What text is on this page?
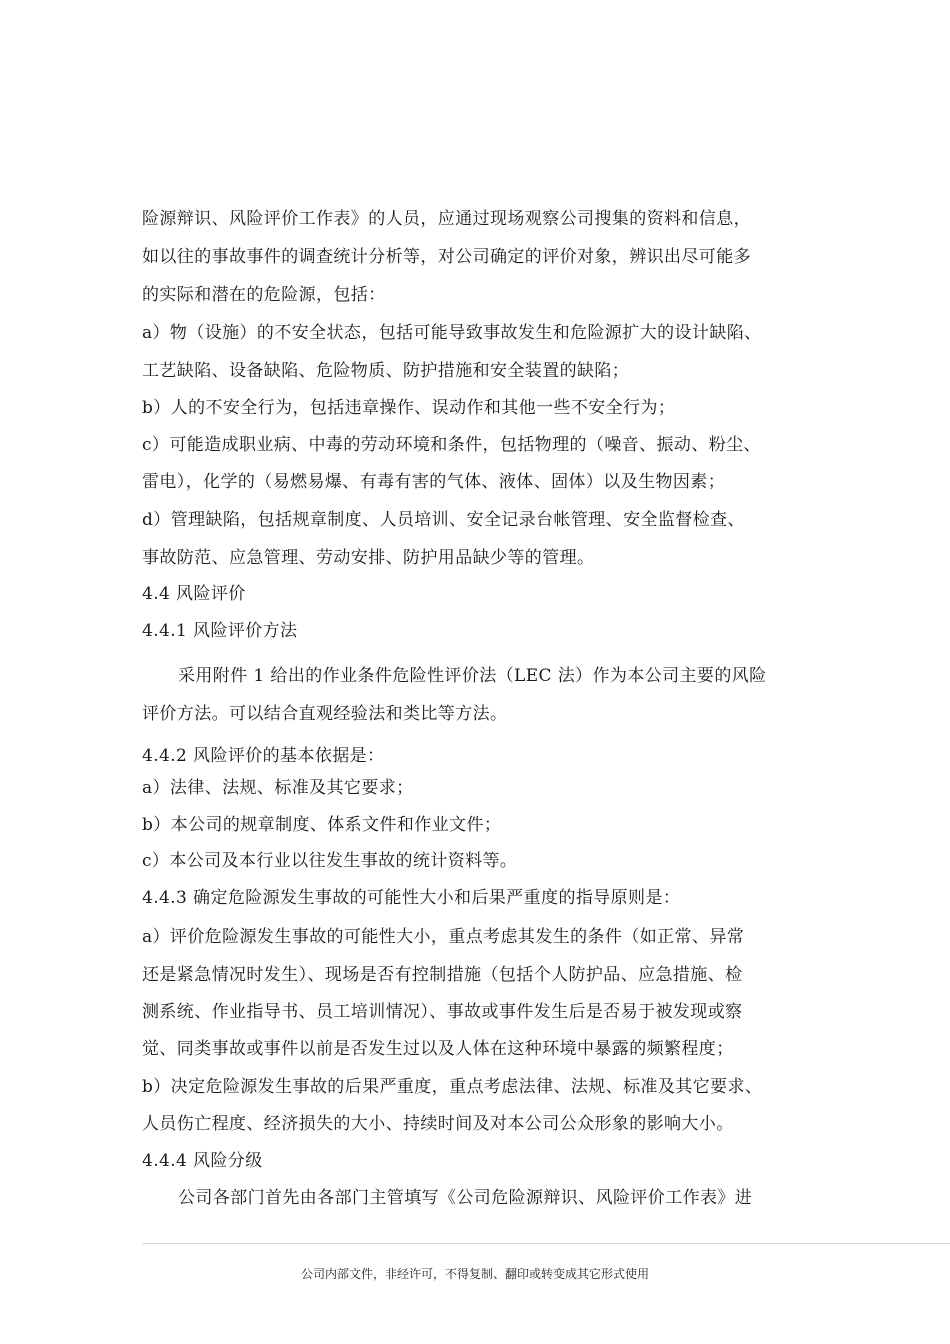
险源辩识、风险评价工作表》的人员，应通过现场观察公司搜集的资料和信息，
如以往的事故事件的调查统计分析等，对公司确定的评价对象，辨识出尽可能多
的实际和潜在的危险源，包括：
a）物（设施）的不安全状态，包括可能导致事故发生和危险源扩大的设计缺陷、
工艺缺陷、设备缺陷、危险物质、防护措施和安全装置的缺陷；
b）人的不安全行为，包括违章操作、误动作和其他一些不安全行为；
c）可能造成职业病、中毒的劳动环境和条件，包括物理的（噪音、振动、粉尘、
雷电），化学的（易燃易爆、有毒有害的气体、液体、固体）以及生物因素；
d）管理缺陷，包括规章制度、人员培训、安全记录台帐管理、安全监督检查、
事故防范、应急管理、劳动安排、防护用品缺少等的管理。
4.4 风险评价
4.4.1 风险评价方法
采用附件 1 给出的作业条件危险性评价法（LEC 法）作为本公司主要的风险
评价方法。可以结合直观经验法和类比等方法。
4.4.2 风险评价的基本依据是：
a）法律、法规、标准及其它要求；
b）本公司的规章制度、体系文件和作业文件；
c）本公司及本行业以往发生事故的统计资料等。
4.4.3 确定危险源发生事故的可能性大小和后果严重度的指导原则是：
a）评价危险源发生事故的可能性大小，重点考虑其发生的条件（如正常、异常
还是紧急情况时发生）、现场是否有控制措施（包括个人防护品、应急措施、检
测系统、作业指导书、员工培训情况）、事故或事件发生后是否易于被发现或察
觉、同类事故或事件以前是否发生过以及人体在这种环境中暴露的频繁程度；
b）决定危险源发生事故的后果严重度，重点考虑法律、法规、标准及其它要求、
人员伤亡程度、经济损失的大小、持续时间及对本公司公众形象的影响大小。
4.4.4 风险分级
公司各部门首先由各部门主管填写《公司危险源辩识、风险评价工作表》进
公司内部文件，非经许可，不得复制、翻印或转变成其它形式使用
